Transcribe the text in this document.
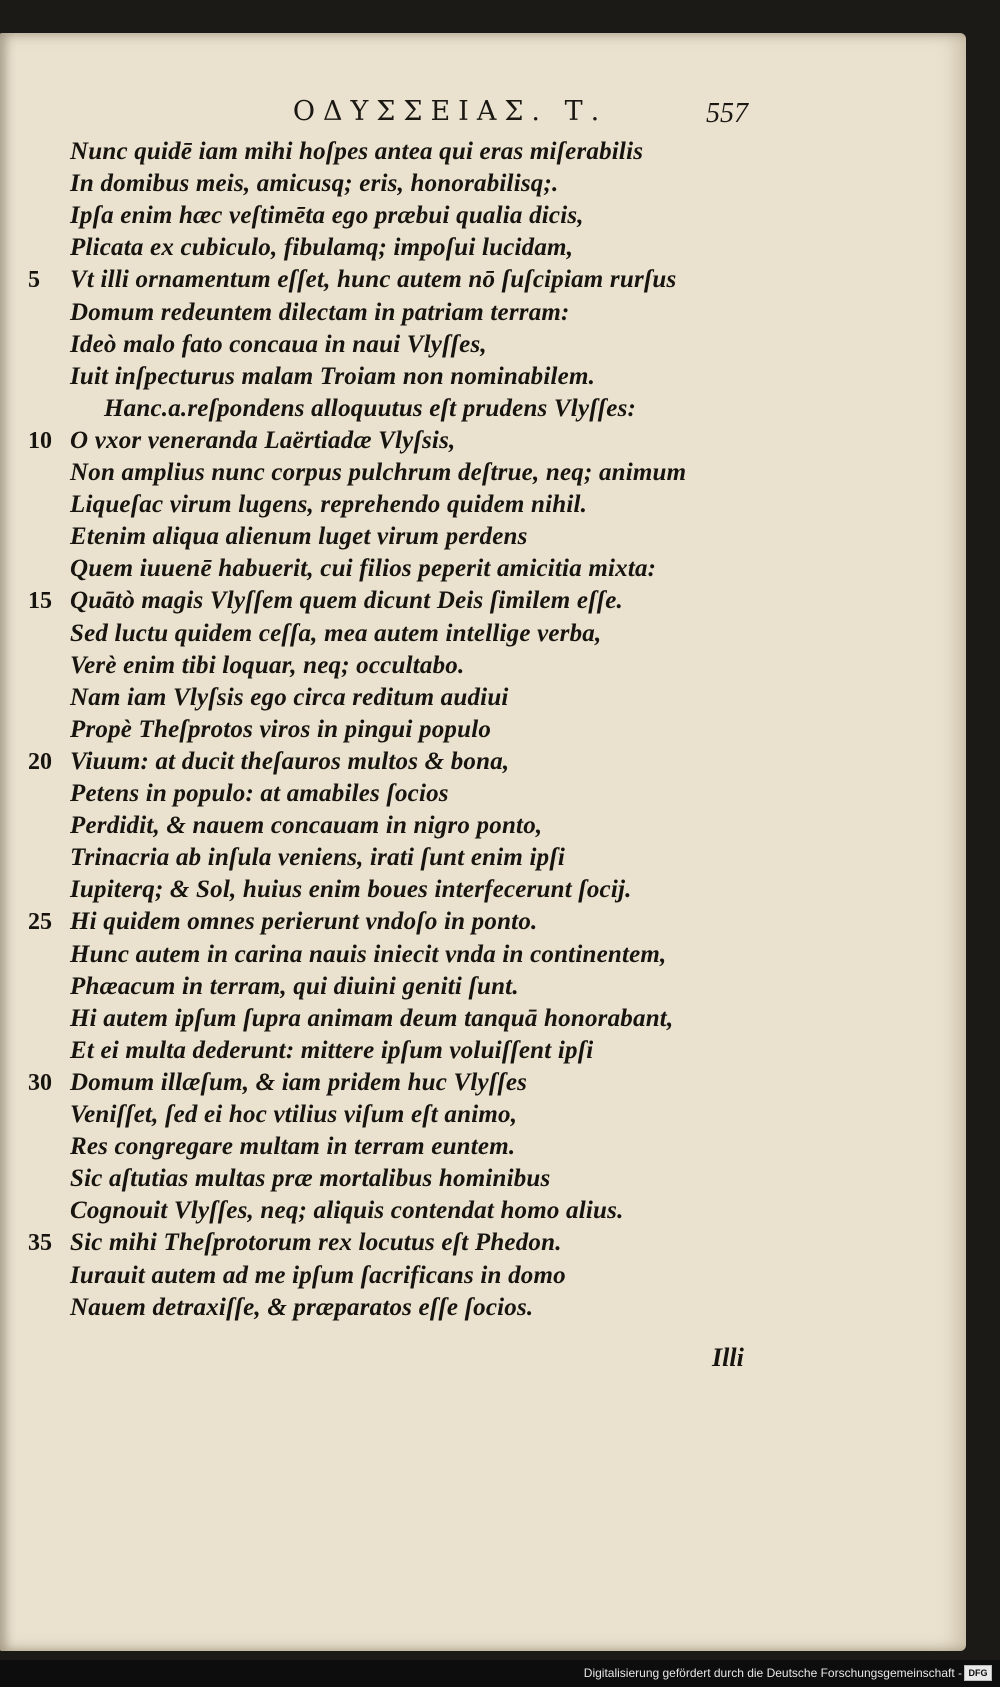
ΟΔΥΣΣΕΙΑΣ. Τ.	557
Nunc quidē iam mihi hoſpes antea qui eras miſerabilis
In domibus meis, amicusq; eris, honorabilisq;.
Ipſa enim hæc veſtimēta ego præbui qualia dicis,
Plicata ex cubiculo, fibulamq; impoſui lucidam,
5 Vt illi ornamentum eſſet, hunc autem nō ſuſcipiam rurſus
Domum redeuntem dilectam in patriam terram:
Ideò malo fato concaua in naui Vlyſſes,
Iuit inſpecturus malam Troiam non nominabilem.
Hanc.a.reſpondens alloquutus eſt prudens Vlyſſes:
10 O vxor veneranda Laërtiadæ Vlyſsis,
Non amplius nunc corpus pulchrum deſtrue, neq; animum
Liqueſac virum lugens, reprehendo quidem nihil.
Etenim aliqua alienum luget virum perdens
Quem iuuenē habuerit, cui filios peperit amicitia mixta:
15 Quātò magis Vlyſſem quem dicunt Deis ſimilem eſſe.
Sed luctu quidem ceſſa, mea autem intellige verba,
Verè enim tibi loquar, neq; occultabo.
Nam iam Vlyſsis ego circa reditum audiui
Propè Theſprotos viros in pingui populo
20 Viuum: at ducit theſauros multos & bona,
Petens in populo: at amabiles ſocios
Perdidit, & nauem concauam in nigro ponto,
Trinacria ab inſula veniens, irati ſunt enim ipſi
Iupiterq; & Sol, huius enim boues interfecerunt ſocij.
25 Hi quidem omnes perierunt vndoſo in ponto.
Hunc autem in carina nauis iniecit vnda in continentem,
Phæacum in terram, qui diuini geniti ſunt.
Hi autem ipſum ſupra animam deum tanquā honorabant,
Et ei multa dederunt: mittere ipſum voluiſſent ipſi
30 Domum illæſum, & iam pridem huc Vlyſſes
Veniſſet, ſed ei hoc vtilius viſum eſt animo,
Res congregare multam in terram euntem.
Sic aſtutias multas præ mortalibus hominibus
Cognouit Vlyſſes, neq; aliquis contendat homo alius.
35 Sic mihi Theſprotorum rex locutus eſt Phedon.
Iurauit autem ad me ipſum ſacrificans in domo
Nauem detraxiſſe, & præparatos eſſe ſocios.
Illi
Digitalisierung gefördert durch die Deutsche Forschungsgemeinschaft - DFG
